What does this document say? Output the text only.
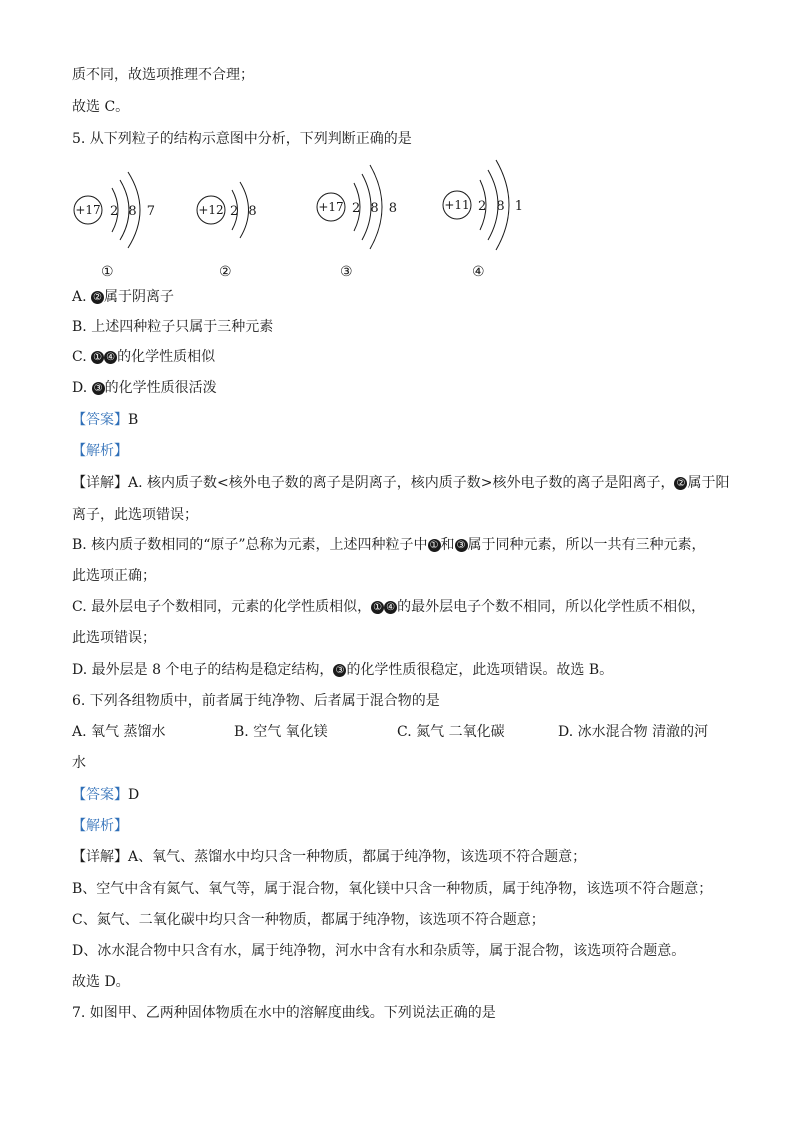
质不同，故选项推理不合理；
故选 C。
5. 从下列粒子的结构示意图中分析，下列判断正确的是
+17 2 8 7
①
+12 2 8
②
+17 2 8 8
③
+11 2 8 1
④
A. ② 属于阴离子
B. 上述四种粒子只属于三种元素
C. ① ④ 的化学性质相似
D. ③ 的化学性质很活泼
【答案】B
【解析】
【详解】A. 核内质子数<核外电子数的离子是阴离子，核内质子数>核外电子数的离子是阳离子， ② 属于阳
离子，此选项错误；
B. 核内质子数相同的“原子”总称为元素，上述四种粒子中 ① 和 ③ 属于同种元素，所以一共有三种元素，
此选项正确；
C. 最外层电子个数相同，元素的化学性质相似， ① ④ 的最外层电子个数不相同，所以化学性质不相似，
此选项错误；
D. 最外层是 8 个电子的结构是稳定结构， ③ 的化学性质很稳定，此选项错误。故选 B。
6. 下列各组物质中，前者属于纯净物、后者属于混合物的是
A. 氧气 蒸馏水	B. 空气 氧化镁	C. 氮气 二氧化碳	D. 冰水混合物 清澈的河
水
【答案】D
【解析】
【详解】A、氧气、蒸馏水中均只含一种物质，都属于纯净物，该选项不符合题意；
B、空气中含有氮气、氧气等，属于混合物，氧化镁中只含一种物质，属于纯净物，该选项不符合题意；
C、氮气、二氧化碳中均只含一种物质，都属于纯净物，该选项不符合题意；
D、冰水混合物中只含有水，属于纯净物，河水中含有水和杂质等，属于混合物，该选项符合题意。
故选 D。
7. 如图甲、乙两种固体物质在水中的溶解度曲线。下列说法正确的是
